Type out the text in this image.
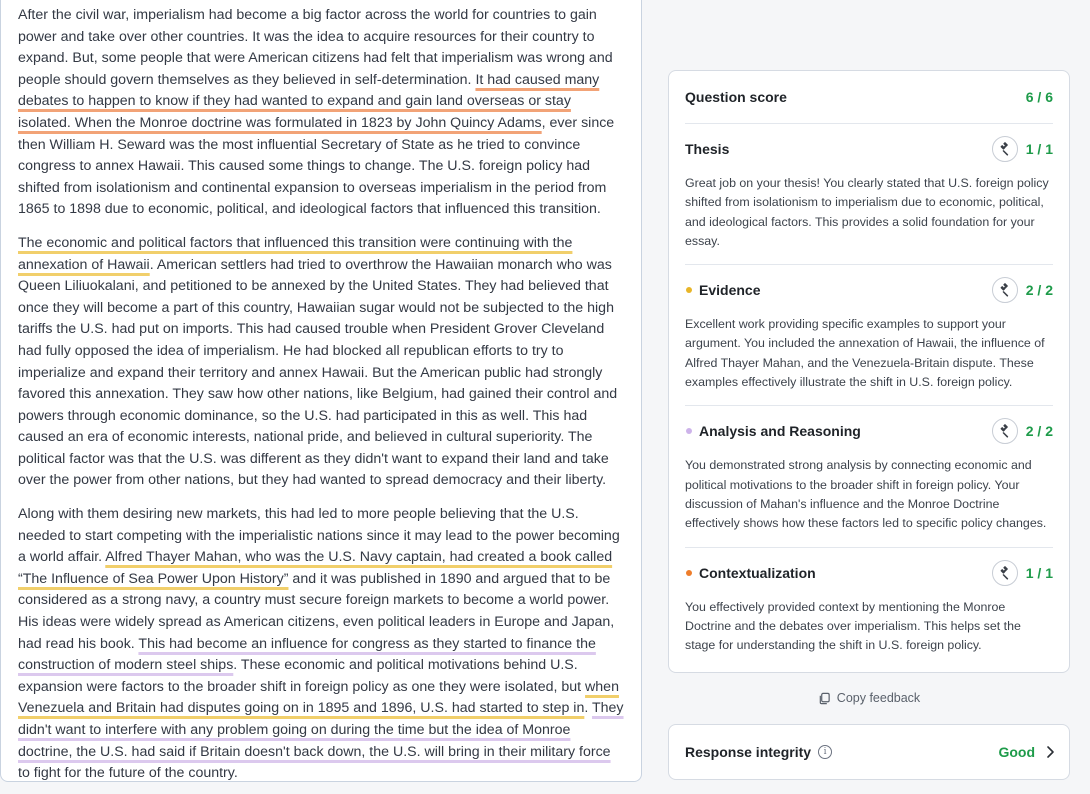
After the civil war, imperialism had become a big factor across the world for countries to gain power and take over other countries. It was the idea to acquire resources for their country to expand. But, some people that were American citizens had felt that imperialism was wrong and people should govern themselves as they believed in self-determination. It had caused many debates to happen to know if they had wanted to expand and gain land overseas or stay isolated. When the Monroe doctrine was formulated in 1823 by John Quincy Adams, ever since then William H. Seward was the most influential Secretary of State as he tried to convince congress to annex Hawaii. This caused some things to change. The U.S. foreign policy had shifted from isolationism and continental expansion to overseas imperialism in the period from 1865 to 1898 due to economic, political, and ideological factors that influenced this transition.

The economic and political factors that influenced this transition were continuing with the annexation of Hawaii. American settlers had tried to overthrow the Hawaiian monarch who was Queen Liliuokalani, and petitioned to be annexed by the United States. They had believed that once they will become a part of this country, Hawaiian sugar would not be subjected to the high tariffs the U.S. had put on imports. This had caused trouble when President Grover Cleveland had fully opposed the idea of imperialism. He had blocked all republican efforts to try to imperialize and expand their territory and annex Hawaii. But the American public had strongly favored this annexation. They saw how other nations, like Belgium, had gained their control and powers through economic dominance, so the U.S. had participated in this as well. This had caused an era of economic interests, national pride, and believed in cultural superiority. The political factor was that the U.S. was different as they didn't want to expand their land and take over the power from other nations, but they had wanted to spread democracy and their liberty.

Along with them desiring new markets, this had led to more people believing that the U.S. needed to start competing with the imperialistic nations since it may lead to the power becoming a world affair. Alfred Thayer Mahan, who was the U.S. Navy captain, had created a book called “The Influence of Sea Power Upon History” and it was published in 1890 and argued that to be considered as a strong navy, a country must secure foreign markets to become a world power. His ideas were widely spread as American citizens, even political leaders in Europe and Japan, had read his book. This had become an influence for congress as they started to finance the construction of modern steel ships. These economic and political motivations behind U.S. expansion were factors to the broader shift in foreign policy as one they were isolated, but when Venezuela and Britain had disputes going on in 1895 and 1896, U.S. had started to step in. They didn't want to interfere with any problem going on during the time but the idea of Monroe doctrine, the U.S. had said if Britain doesn't back down, the U.S. will bring in their military force to fight for the future of the country.

Question score	6 / 6
Thesis	1 / 1

Great job on your thesis! You clearly stated that U.S. foreign policy shifted from isolationism to imperialism due to economic, political, and ideological factors. This provides a solid foundation for your essay.

Evidence	2 / 2

Excellent work providing specific examples to support your argument. You included the annexation of Hawaii, the influence of Alfred Thayer Mahan, and the Venezuela-Britain dispute. These examples effectively illustrate the shift in U.S. foreign policy.

Analysis and Reasoning	2 / 2

You demonstrated strong analysis by connecting economic and political motivations to the broader shift in foreign policy. Your discussion of Mahan's influence and the Monroe Doctrine effectively shows how these factors led to specific policy changes.

Contextualization	1 / 1

You effectively provided context by mentioning the Monroe Doctrine and the debates over imperialism. This helps set the stage for understanding the shift in U.S. foreign policy.

Copy feedback
Response integrity	i	Good
